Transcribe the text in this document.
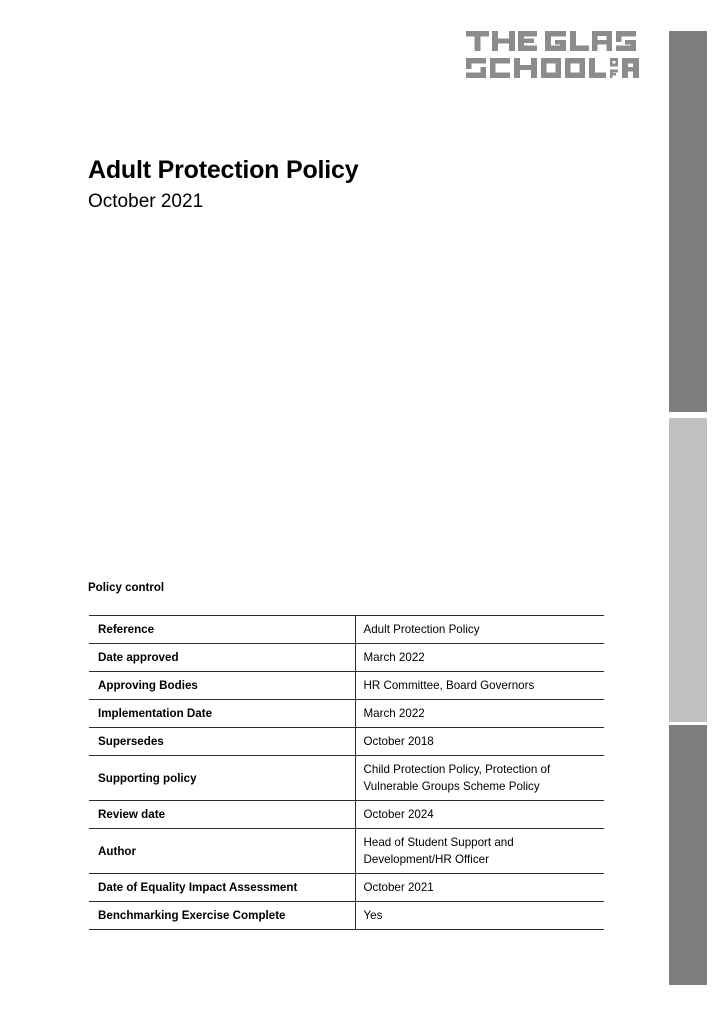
Adult Protection Policy

October 2021

Policy control
Reference	Adult Protection Policy

Date approved	March 2022

Approving Bodies	HR Committee, Board Governors

Implementation Date	March 2022

Supersedes	October 2018

Supporting policy	Child Protection Policy, Protection of
Vulnerable Groups Scheme Policy

Review date	October 2024

Author	Head of Student Support and
Development/HR Officer

Date of Equality Impact Assessment	October 2021

Benchmarking Exercise Complete	Yes
